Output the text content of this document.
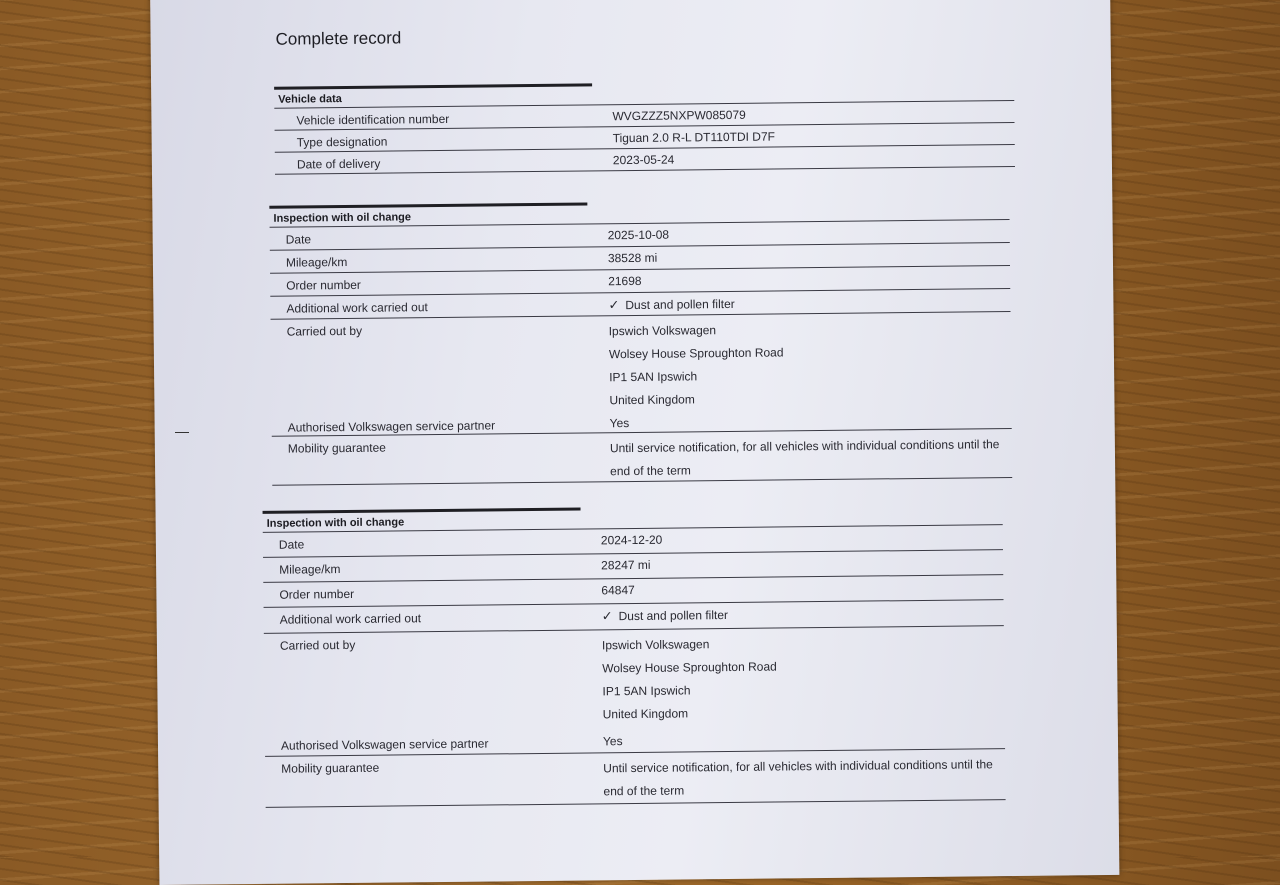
Complete record
Vehicle data
Vehicle identification number	WVGZZZ5NXPW085079
Type designation	Tiguan 2.0 R-L DT110TDI D7F
Date of delivery	2023-05-24
Inspection with oil change
Date	2025-10-08
Mileage/km	38528 mi
Order number	21698
Additional work carried out	✓ Dust and pollen filter
Carried out by	Ipswich Volkswagen
Wolsey House Sproughton Road
IP1 5AN Ipswich
United Kingdom
Authorised Volkswagen service partner	Yes
Mobility guarantee	Until service notification, for all vehicles with individual conditions until the
end of the term
Inspection with oil change
Date	2024-12-20
Mileage/km	28247 mi
Order number	64847
Additional work carried out	✓ Dust and pollen filter
Carried out by	Ipswich Volkswagen
Wolsey House Sproughton Road
IP1 5AN Ipswich
United Kingdom
Authorised Volkswagen service partner	Yes
Mobility guarantee	Until service notification, for all vehicles with individual conditions until the
end of the term
